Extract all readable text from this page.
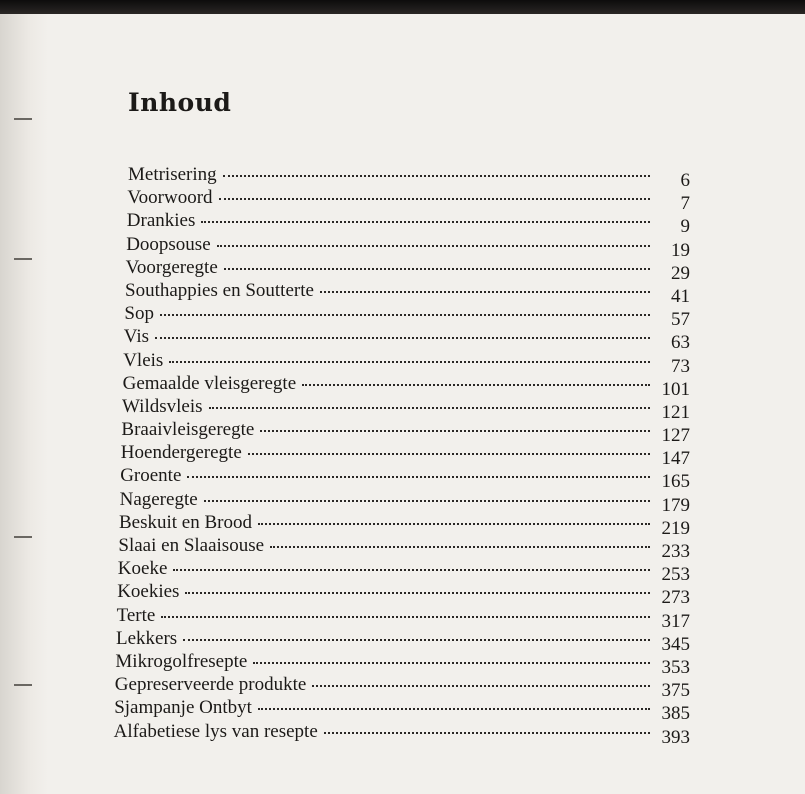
Inhoud
Metrisering	6
Voorwoord	7
Drankies	9
Doopsouse	19
Voorgeregte	29
Southappies en Soutterte	41
Sop	57
Vis	63
Vleis	73
Gemaalde vleisgeregte	101
Wildsvleis	121
Braaivleisgeregte	127
Hoendergeregte	147
Groente	165
Nageregte	179
Beskuit en Brood	219
Slaai en Slaaisouse	233
Koeke	253
Koekies	273
Terte	317
Lekkers	345
Mikrogolfresepte	353
Gepreserveerde produkte	375
Sjampanje Ontbyt	385
Alfabetiese lys van resepte	393
